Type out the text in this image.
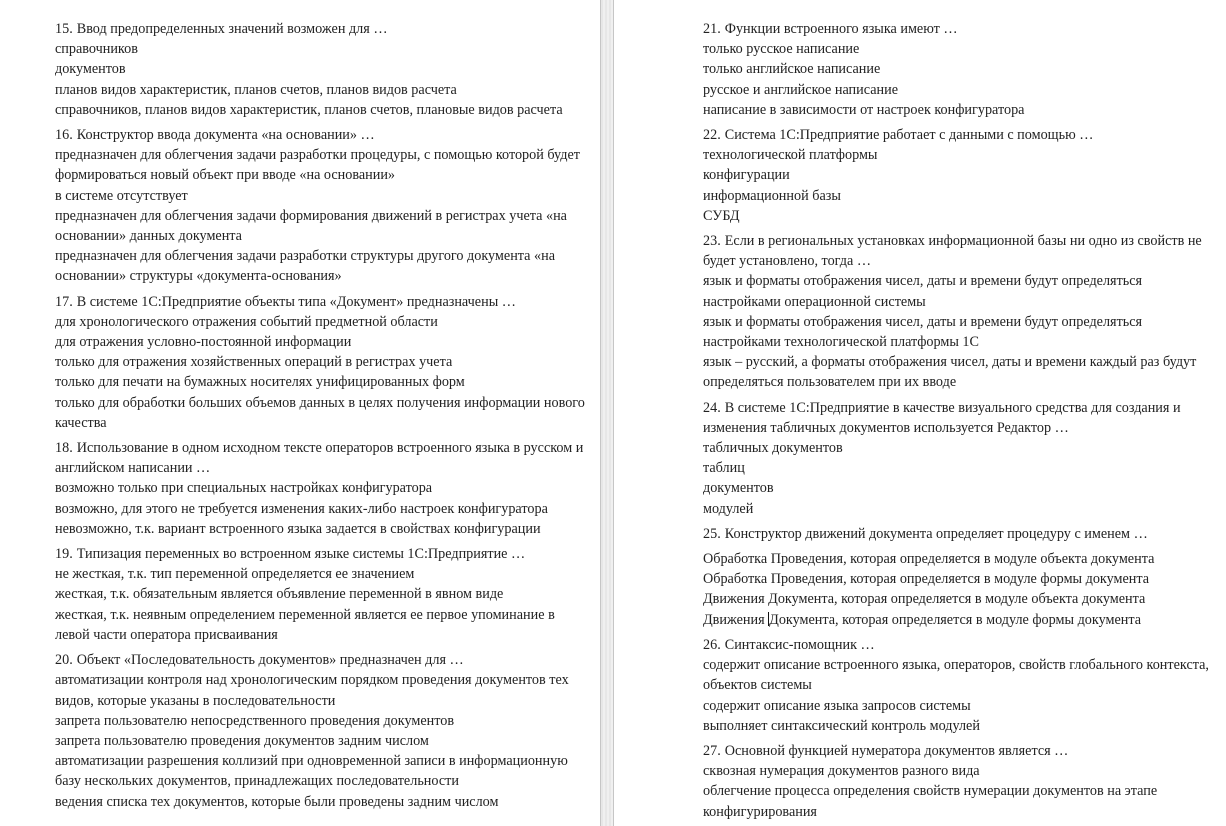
15. Ввод предопределенных значений возможен для …

справочников

документов

планов видов характеристик, планов счетов, планов видов расчета

справочников, планов видов характеристик, планов счетов, плановые видов расчета

16. Конструктор ввода документа «на основании» …

предназначен для облегчения задачи разработки процедуры, с помощью которой будет формироваться новый объект при вводе «на основании»

в системе отсутствует

предназначен для облегчения задачи формирования движений в регистрах учета «на основании» данных документа

предназначен для облегчения задачи разработки структуры другого документа «на основании» структуры «документа-основания»

17. В системе 1С:Предприятие объекты типа «Документ» предназначены …

для хронологического отражения событий предметной области

для отражения условно-постоянной информации

только для отражения хозяйственных операций в регистрах учета

только для печати на бумажных носителях унифицированных форм

только для обработки больших объемов данных в целях получения информации нового качества

18. Использование в одном исходном тексте операторов встроенного языка в русском и английском написании …

возможно только при специальных настройках конфигуратора

возможно, для этого не требуется изменения каких-либо настроек конфигуратора

невозможно, т.к. вариант встроенного языка задается в свойствах конфигурации

19. Типизация переменных во встроенном языке системы 1С:Предприятие …

не жесткая, т.к. тип переменной определяется ее значением

жесткая, т.к. обязательным является объявление переменной в явном виде

жесткая, т.к. неявным определением переменной является ее первое упоминание в левой части оператора присваивания

20. Объект «Последовательность документов» предназначен для …

автоматизации контроля над хронологическим порядком проведения документов тех видов, которые указаны в последовательности

запрета пользователю непосредственного проведения документов

запрета пользователю проведения документов задним числом

автоматизации разрешения коллизий при одновременной записи в информационную базу нескольких документов, принадлежащих последовательности

ведения списка тех документов, которые были проведены задним числом

21. Функции встроенного языка имеют …

только русское написание

только английское написание

русское и английское написание

написание в зависимости от настроек конфигуратора

22. Система 1С:Предприятие работает с данными с помощью …

технологической платформы

конфигурации

информационной базы

СУБД

23. Если в региональных установках информационной базы ни одно из свойств не будет установлено, тогда …

язык и форматы отображения чисел, даты и времени будут определяться настройками операционной системы

язык и форматы отображения чисел, даты и времени будут определяться настройками технологической платформы 1С

язык – русский, а форматы отображения чисел, даты и времени каждый раз будут определяться пользователем при их вводе

24. В системе 1С:Предприятие в качестве визуального средства для создания и изменения табличных документов используется Редактор …

табличных документов

таблиц

документов

модулей

25. Конструктор движений документа определяет процедуру с именем …

Обработка Проведения, которая определяется в модуле объекта документа

Обработка Проведения, которая определяется в модуле формы документа

Движения Документа, которая определяется в модуле объекта документа

Движения Документа, которая определяется в модуле формы документа

26. Синтаксис-помощник …

содержит описание встроенного языка, операторов, свойств глобального контекста, объектов системы

содержит описание языка запросов системы

выполняет синтаксический контроль модулей

27. Основной функцией нумератора документов является …

сквозная нумерация документов разного вида

облегчение процесса определения свойств нумерации документов на этапе конфигурирования
